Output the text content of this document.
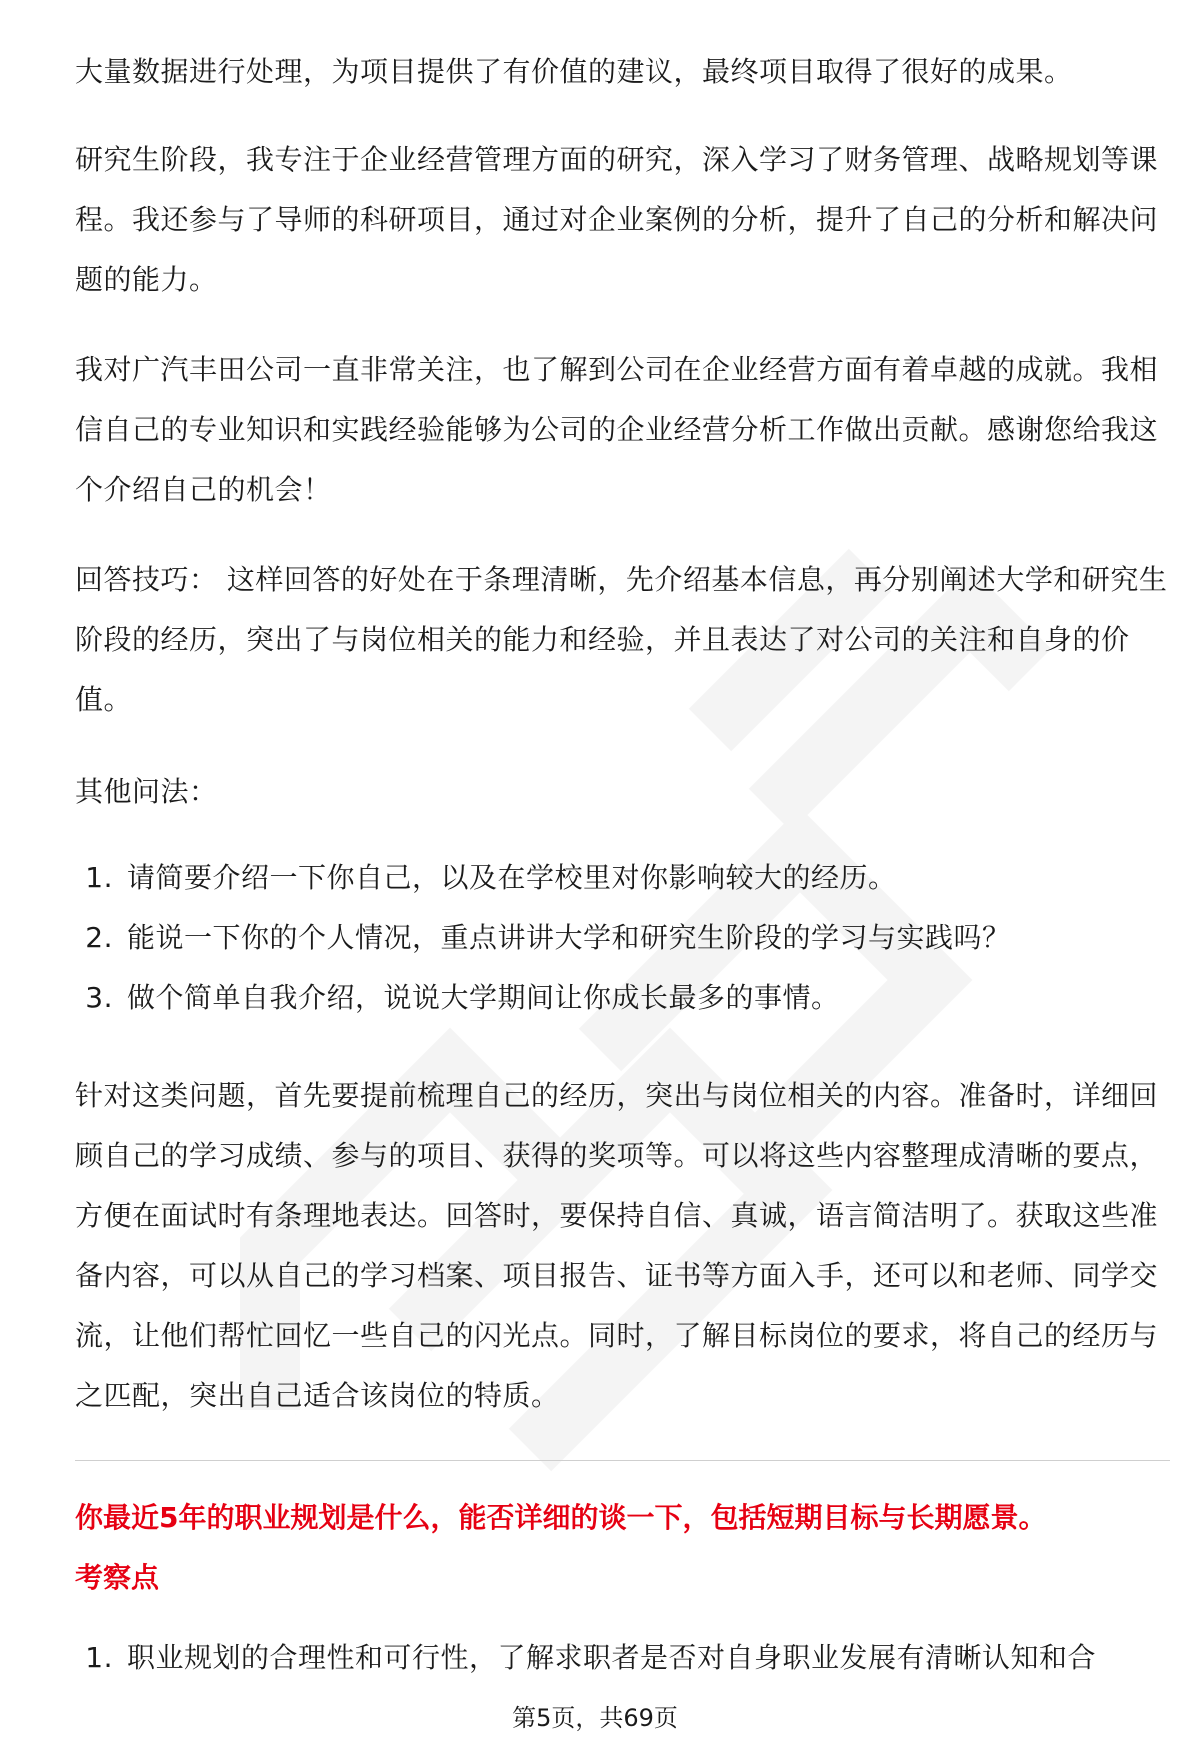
大量数据进行处理，为项目提供了有价值的建议，最终项目取得了很好的成果。

研究生阶段，我专注于企业经营管理方面的研究，深入学习了财务管理、战略规划等课程。我还参与了导师的科研项目，通过对企业案例的分析，提升了自己的分析和解决问题的能力。

我对广汽丰田公司一直非常关注，也了解到公司在企业经营方面有着卓越的成就。我相信自己的专业知识和实践经验能够为公司的企业经营分析工作做出贡献。感谢您给我这个介绍自己的机会！

回答技巧： 这样回答的好处在于条理清晰，先介绍基本信息，再分别阐述大学和研究生阶段的经历，突出了与岗位相关的能力和经验，并且表达了对公司的关注和自身的价值。

其他问法：

1. 请简要介绍一下你自己，以及在学校里对你影响较大的经历。
2. 能说一下你的个人情况，重点讲讲大学和研究生阶段的学习与实践吗？
3. 做个简单自我介绍，说说大学期间让你成长最多的事情。

针对这类问题，首先要提前梳理自己的经历，突出与岗位相关的内容。准备时，详细回顾自己的学习成绩、参与的项目、获得的奖项等。可以将这些内容整理成清晰的要点，方便在面试时有条理地表达。回答时，要保持自信、真诚，语言简洁明了。获取这些准备内容，可以从自己的学习档案、项目报告、证书等方面入手，还可以和老师、同学交流，让他们帮忙回忆一些自己的闪光点。同时，了解目标岗位的要求，将自己的经历与之匹配，突出自己适合该岗位的特质。

你最近5年的职业规划是什么，能否详细的谈一下，包括短期目标与长期愿景。

考察点

1. 职业规划的合理性和可行性，了解求职者是否对自身职业发展有清晰认知和合
第5页，共69页
